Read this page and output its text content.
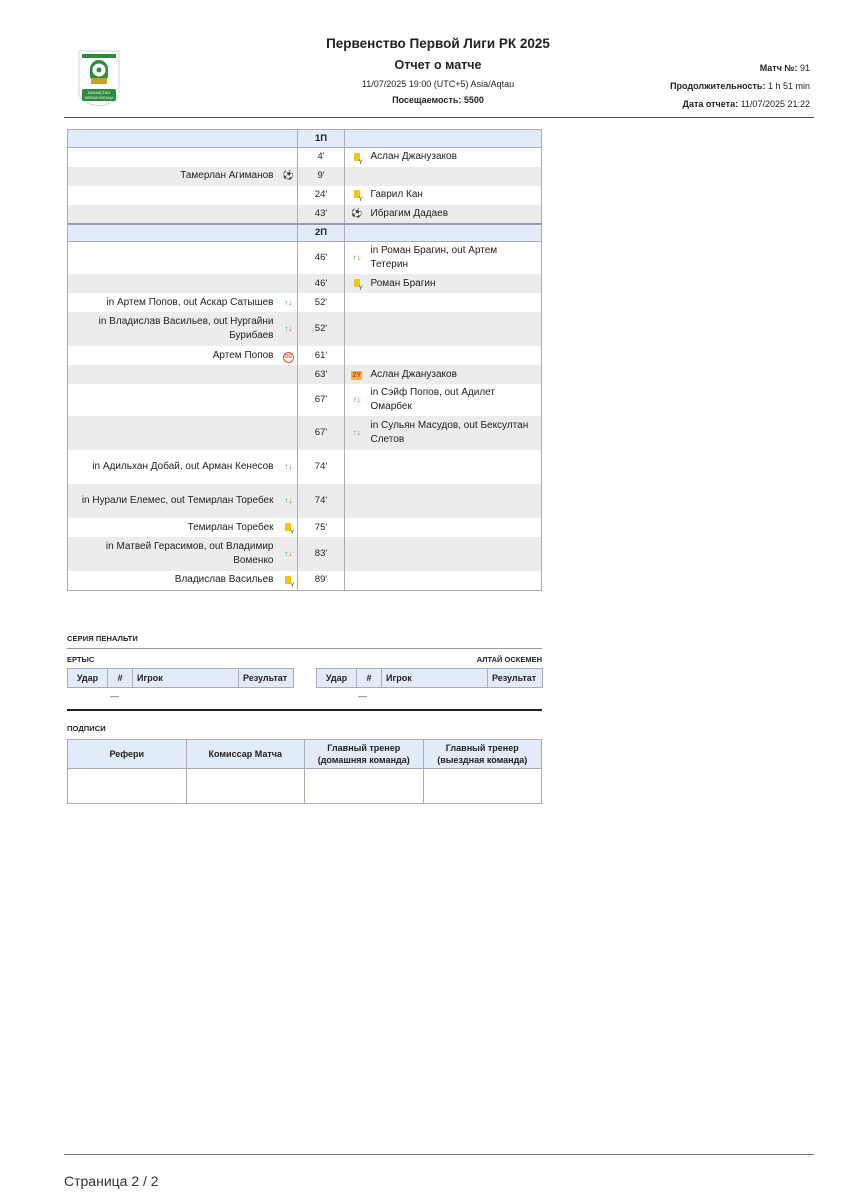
ҚАЗАҚСТАН
БІРІНШІ ЛИГАСЫ
Первенство Первой Лиги РК 2025
Отчет о матче
11/07/2025 19:00 (UTC+5) Asia/Aqtau
Посещаемость: 5500
Матч №: 91
Продолжительность: 1 h 51 min
Дата отчета: 11/07/2025 21:22
		1П		
		4'	Y	Аслан Джанузаков
Тамерлан Агиманов	⚽	9'		
		24'	Y	Гаврил Кан
		43'	⚽	Ибрагим Дадаев
		2П		
		46'	↑↓	in Роман Брагин, out Артем Тетерин
		46'	Y	Роман Брагин
in Артем Попов, out Аскар Сатышев	↑↓	52'		
in Владислав Васильев, out Нургайни Бурибаев	↑↓	52'		
Артем Попов	OG	61'		
		63'	2Y	Аслан Джанузаков
		67'	↑↓	in Сэйф Попов, out Адилет Омарбек
		67'	↑↓	in Сульян Масудов, out Бексултан Слетов
in Адильхан Добай, out Арман Кенесов	↑↓	74'		
in Нурали Елемес, out Темирлан Торебек	↑↓	74'		
Темирлан Торебек	Y	75'		
in Матвей Герасимов, out Владимир Воменко	↑↓	83'		
Владислав Васильев	Y	89'		
СЕРИЯ ПЕНАЛЬТИ
ЕРТЫС	АЛТАЙ ОСКЕМЕН
Удар	#	Игрок	Результат	Удар	#	Игрок	Результат
—	—
ПОДПИСИ
Рефери	Комиссар Матча	Главный тренер (домашняя команда)	Главный тренер (выездная команда)

Страница 2 / 2
